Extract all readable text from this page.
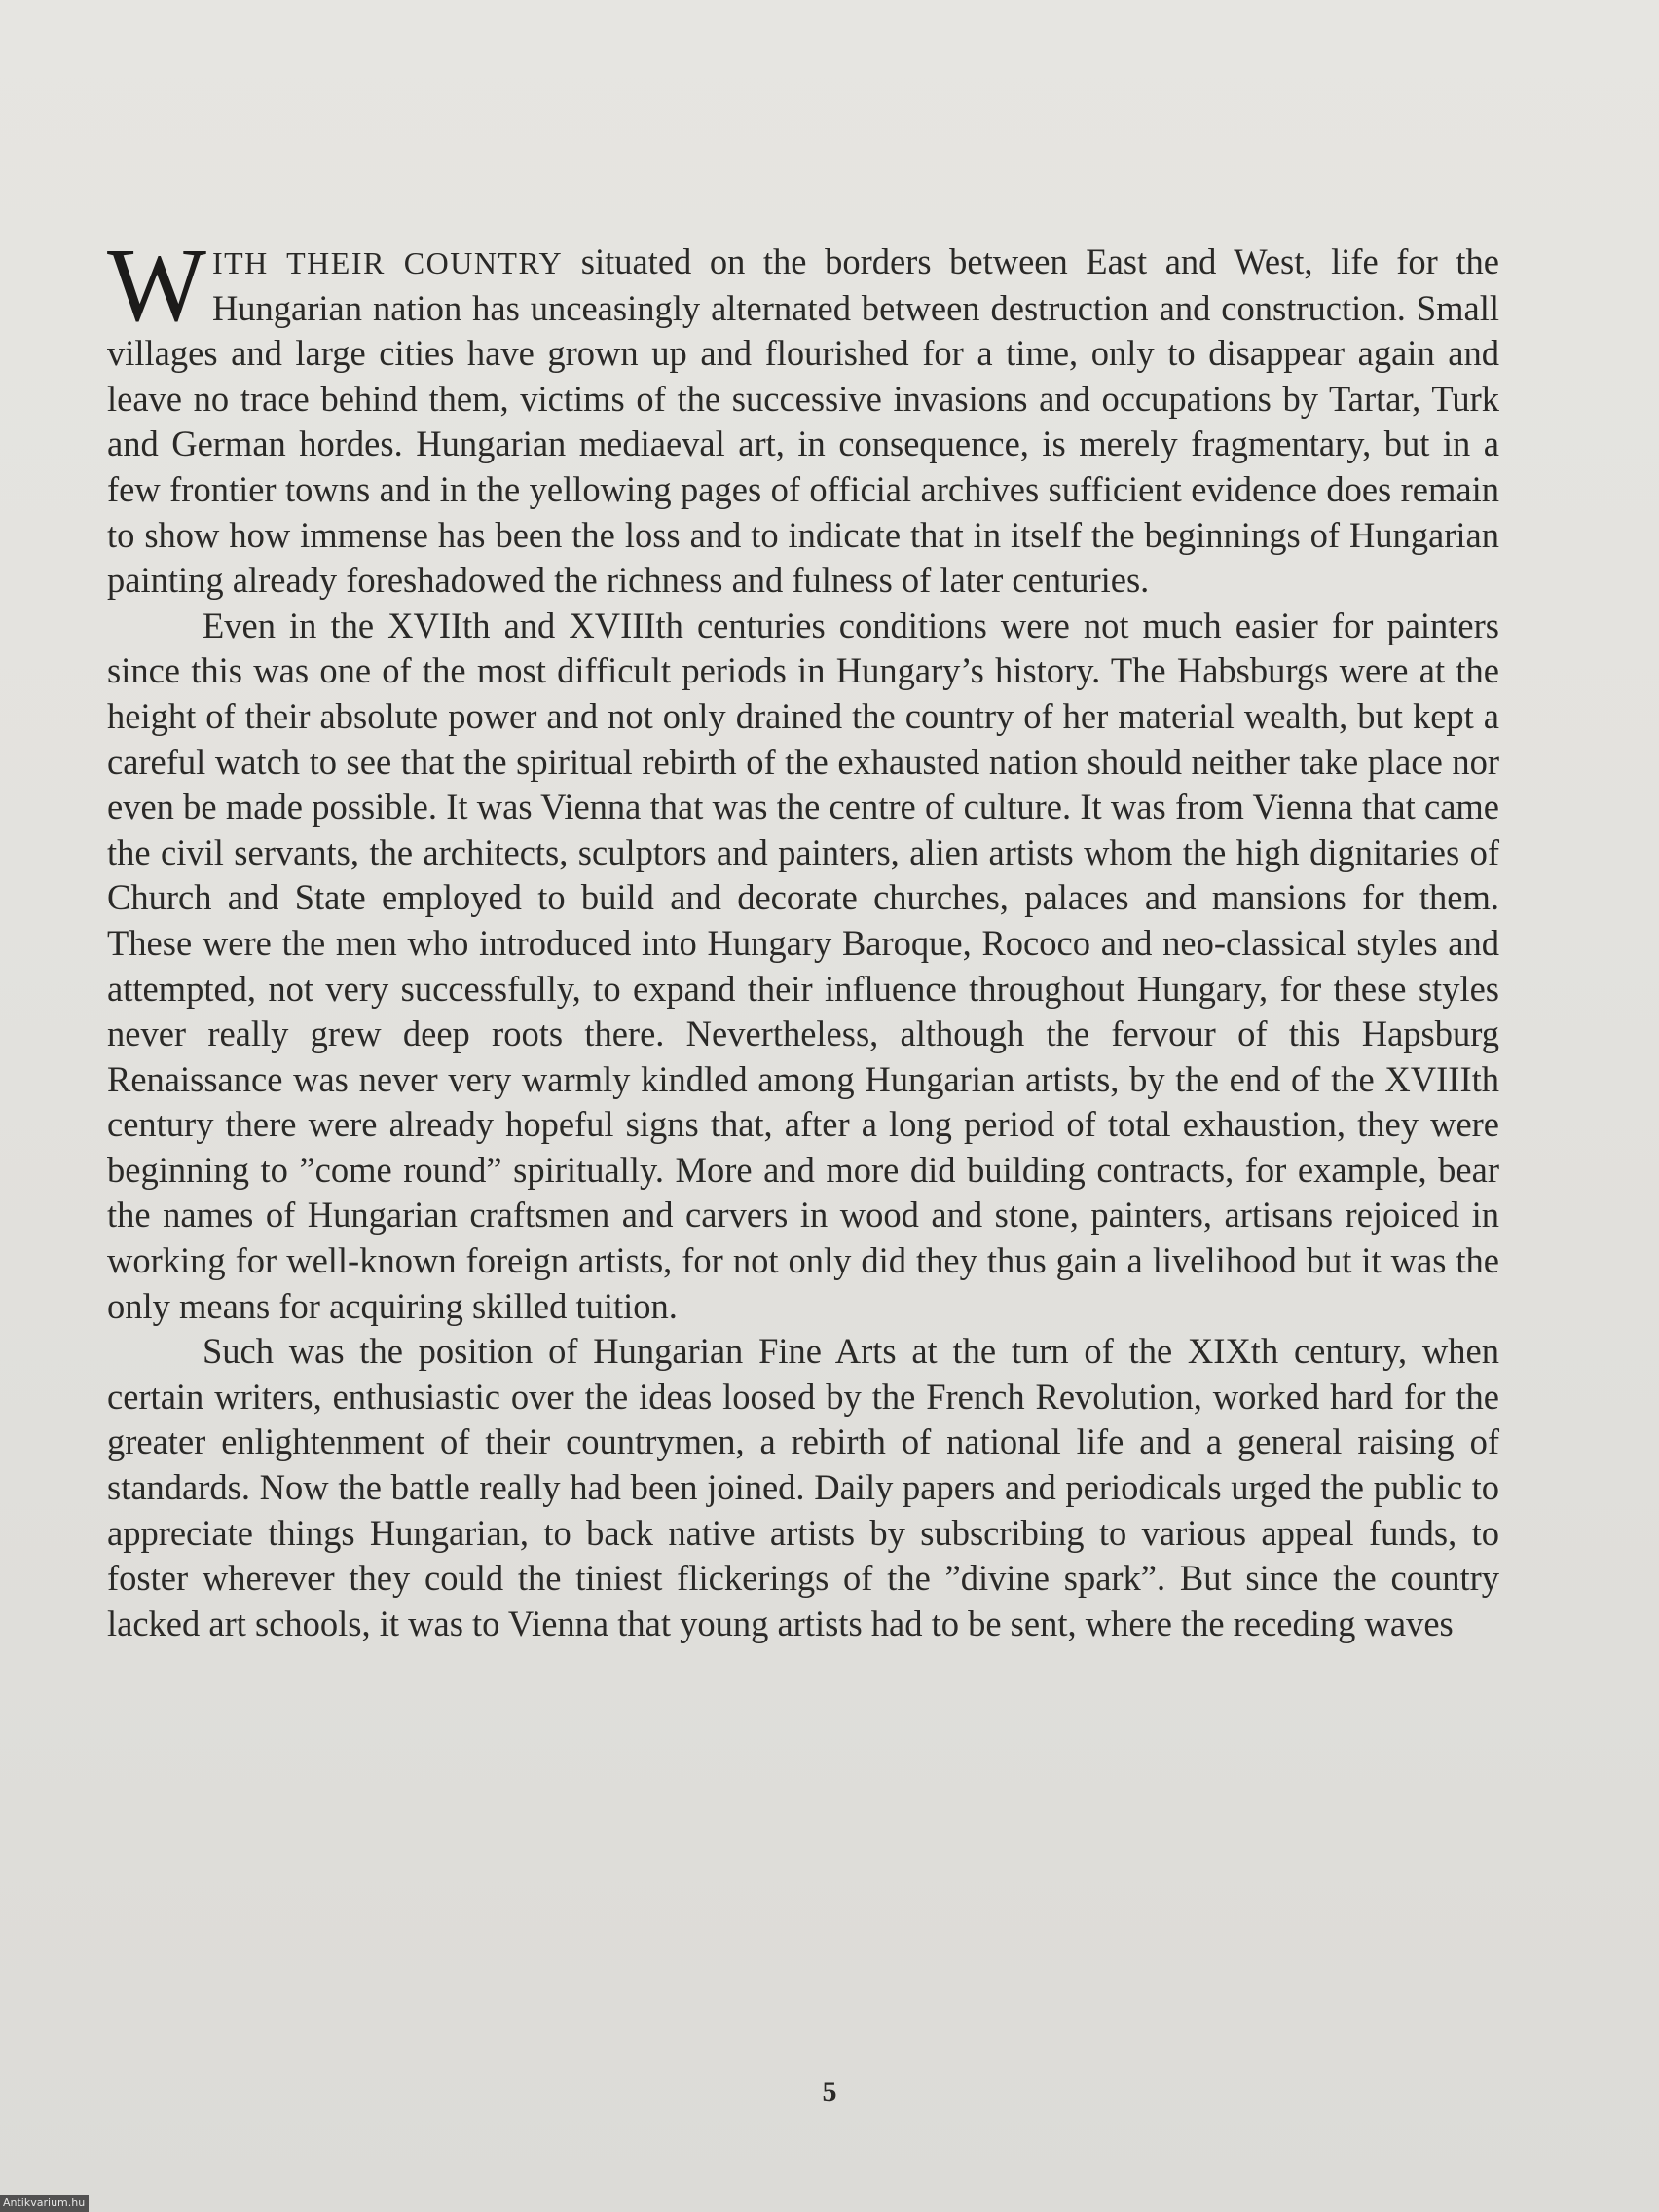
WITH THEIR COUNTRY situated on the borders between East and West, life for the Hungarian nation has unceasingly alternated between destruction and construction. Small villages and large cities have grown up and flourished for a time, only to disappear again and leave no trace behind them, victims of the successive invasions and occupations by Tartar, Turk and German hordes. Hungarian mediaeval art, in consequence, is merely fragmentary, but in a few frontier towns and in the yellowing pages of official archives sufficient evidence does remain to show how immense has been the loss and to indicate that in itself the beginnings of Hungarian painting already foreshadowed the richness and fulness of later centuries.

Even in the XVIIth and XVIIIth centuries conditions were not much easier for painters since this was one of the most difficult periods in Hungary’s history. The Habsburgs were at the height of their absolute power and not only drained the country of her material wealth, but kept a careful watch to see that the spiritual rebirth of the exhausted nation should neither take place nor even be made possible. It was Vienna that was the centre of culture. It was from Vienna that came the civil servants, the architects, sculptors and painters, alien artists whom the high dignitaries of Church and State employed to build and decorate churches, palaces and mansions for them. These were the men who introduced into Hungary Baroque, Rococo and neo-classical styles and attempted, not very successfully, to expand their influence throughout Hungary, for these styles never really grew deep roots there. Nevertheless, although the fervour of this Hapsburg Renaissance was never very warmly kindled among Hungarian artists, by the end of the XVIIIth century there were already hopeful signs that, after a long period of total exhaustion, they were beginning to ”come round” spiritually. More and more did building contracts, for example, bear the names of Hungarian craftsmen and carvers in wood and stone, painters, artisans rejoiced in working for well-known foreign artists, for not only did they thus gain a livelihood but it was the only means for acquiring skilled tuition.

Such was the position of Hungarian Fine Arts at the turn of the XIXth century, when certain writers, enthusiastic over the ideas loosed by the French Revolution, worked hard for the greater enlightenment of their countrymen, a rebirth of national life and a general raising of standards. Now the battle really had been joined. Daily papers and periodicals urged the public to appreciate things Hungarian, to back native artists by subscribing to various appeal funds, to foster wherever they could the tiniest flickerings of the ”divine spark”. But since the country lacked art schools, it was to Vienna that young artists had to be sent, where the receding waves

5
Antikvarium.hu
